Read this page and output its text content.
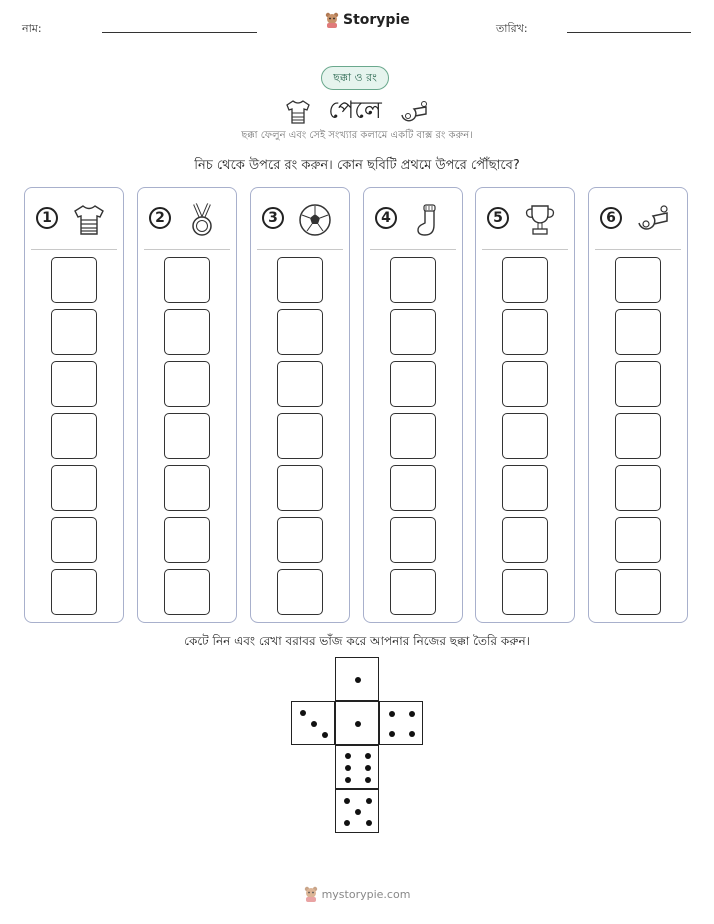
নাম:
Storypie
তারিখ:
ছক্কা ও রং
পেলে
ছক্কা ফেলুন এবং সেই সংখ্যার কলামে একটি বাক্স রং করুন।
নিচ থেকে উপরে রং করুন। কোন ছবিটি প্রথমে উপরে পৌঁছাবে?
1	2	3	4	5	6
কেটে নিন এবং রেখা বরাবর ভাঁজ করে আপনার নিজের ছক্কা তৈরি করুন।
mystorypie.com
